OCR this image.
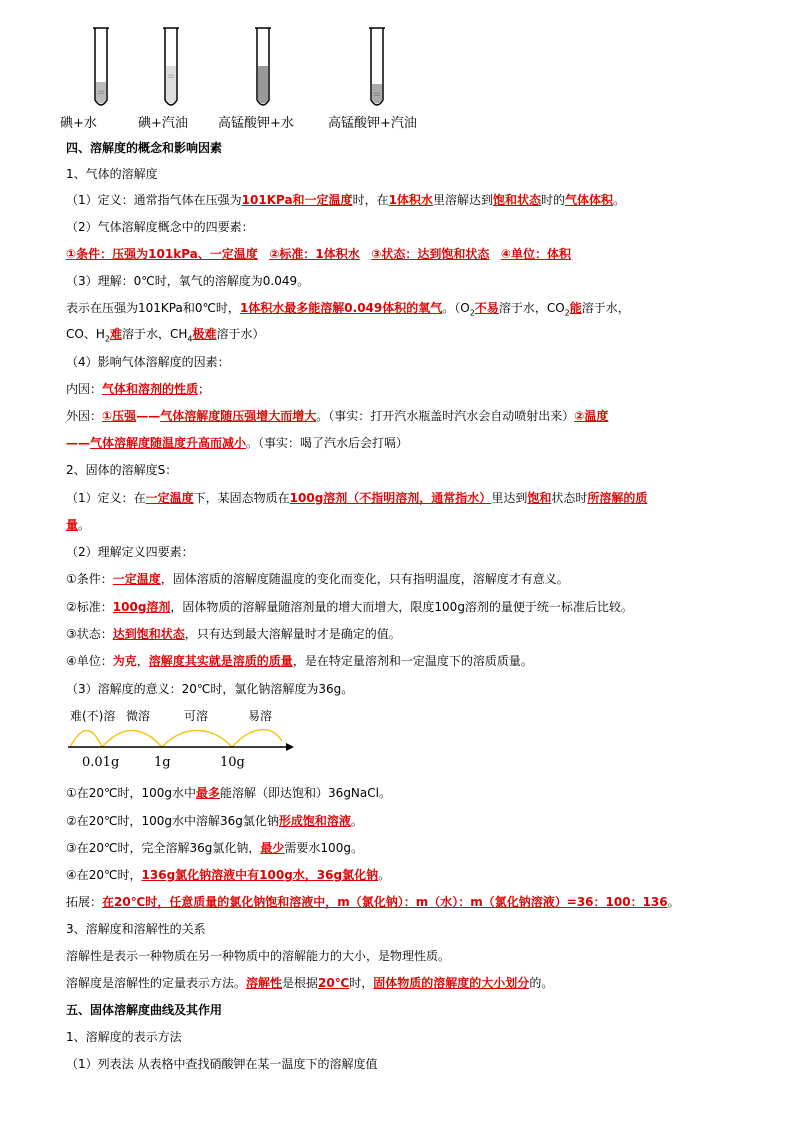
:::
:::
:::
碘+水	碘+汽油 高锰酸钾+水	高锰酸钾+汽油
四、溶解度的概念和影响因素
1、气体的溶解度
（1）定义：通常指气体在压强为101KPa和一定温度时，在1体积水里溶解达到饱和状态时的气体体积。
（2）气体溶解度概念中的四要素：
①条件：压强为101kPa、一定温度 ②标准：1体积水 ③状态：达到饱和状态 ④单位：体积
（3）理解：0℃时，氧气的溶解度为0.049。
表示在压强为101KPa和0℃时，1体积水最多能溶解0.049体积的氧气。（$O_2$不易溶于水，$CO_2$能溶于水，
CO、$H_2$难溶于水，$CH_4$极难溶于水）
（4）影响气体溶解度的因素：
内因：气体和溶剂的性质；
外因：①压强——气体溶解度随压强增大而增大。（事实：打开汽水瓶盖时汽水会自动喷射出来）②温度
——气体溶解度随温度升高而减小。（事实：喝了汽水后会打嗝）
2、固体的溶解度S：
（1）定义：在一定温度下，某固态物质在100g溶剂（不指明溶剂，通常指水）里达到饱和状态时所溶解的质
量。
（2）理解定义四要素：
①条件：一定温度，固体溶质的溶解度随温度的变化而变化，只有指明温度，溶解度才有意义。
②标准：100g溶剂，固体物质的溶解量随溶剂量的增大而增大，限度100g溶剂的量便于统一标准后比较。
③状态：达到饱和状态，只有达到最大溶解量时才是确定的值。
④单位：为克，溶解度其实就是溶质的质量，是在特定量溶剂和一定温度下的溶质质量。
（3）溶解度的意义：20℃时，氯化钠溶解度为36g。
难(不)溶 微溶	可溶	易溶
0.01g	1g	10g
①在20℃时，100g水中最多能溶解（即达饱和）36gNaCl。
②在20℃时，100g水中溶解36g氯化钠形成饱和溶液。
③在20℃时，完全溶解36g氯化钠，最少需要水100g。
④在20℃时，136g氯化钠溶液中有100g水，36g氯化钠。
拓展：在20℃时，任意质量的氯化钠饱和溶液中，m（氯化钠）：m（水）：m（氯化钠溶液）=36：100：136。
3、溶解度和溶解性的关系
溶解性是表示一种物质在另一种物质中的溶解能力的大小，是物理性质。
溶解度是溶解性的定量表示方法。溶解性是根据20℃时，固体物质的溶解度的大小划分的。
五、固体溶解度曲线及其作用
1、溶解度的表示方法
（1）列表法 从表格中查找硝酸钾在某一温度下的溶解度值
